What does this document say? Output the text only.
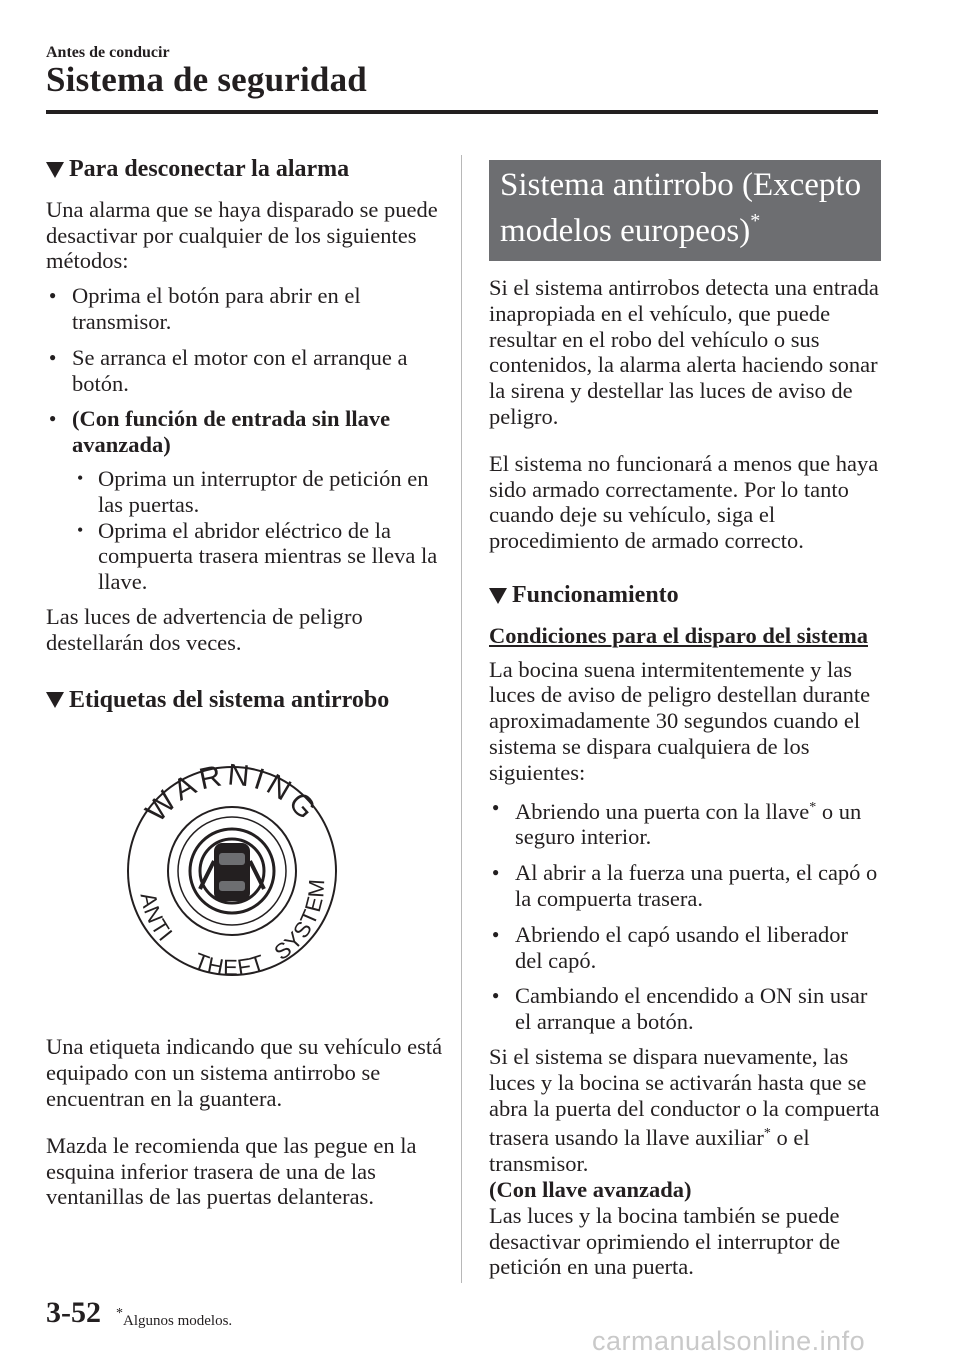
Antes de conducir
Sistema de seguridad
Para desconectar la alarma

Una alarma que se haya disparado se puede desactivar por cualquier de los siguientes métodos:

● Oprima el botón para abrir en el transmisor.
● Se arranca el motor con el arranque a botón.
● (Con función de entrada sin llave avanzada)
• Oprima un interruptor de petición en las puertas.
• Oprima el abridor eléctrico de la compuerta trasera mientras se lleva la llave.

Las luces de advertencia de peligro destellarán dos veces.

Etiquetas del sistema antirrobo
WARNING
ANTI
THEFT SYSTEM

Una etiqueta indicando que su vehículo está equipado con un sistema antirrobo se encuentran en la guantera.

Mazda le recomienda que las pegue en la esquina inferior trasera de una de las ventanillas de las puertas delanteras.

Sistema antirrobo (Excepto modelos europeos)*

Si el sistema antirrobos detecta una entrada inapropiada en el vehículo, que puede resultar en el robo del vehículo o sus contenidos, la alarma alerta haciendo sonar la sirena y destellar las luces de aviso de peligro.

El sistema no funcionará a menos que haya sido armado correctamente. Por lo tanto cuando deje su vehículo, siga el procedimiento de armado correcto.

Funcionamiento

Condiciones para el disparo del sistema

La bocina suena intermitentemente y las luces de aviso de peligro destellan durante aproximadamente 30 segundos cuando el sistema se dispara cualquiera de los siguientes:

● Abriendo una puerta con la llave* o un seguro interior.
● Al abrir a la fuerza una puerta, el capó o la compuerta trasera.
● Abriendo el capó usando el liberador del capó.
● Cambiando el encendido a ON sin usar el arranque a botón.

Si el sistema se dispara nuevamente, las luces y la bocina se activarán hasta que se abra la puerta del conductor o la compuerta trasera usando la llave auxiliar* o el transmisor.

(Con llave avanzada)

Las luces y la bocina también se puede desactivar oprimiendo el interruptor de petición en una puerta.

3-52 *Algunos modelos.
carmanualsonline.info
